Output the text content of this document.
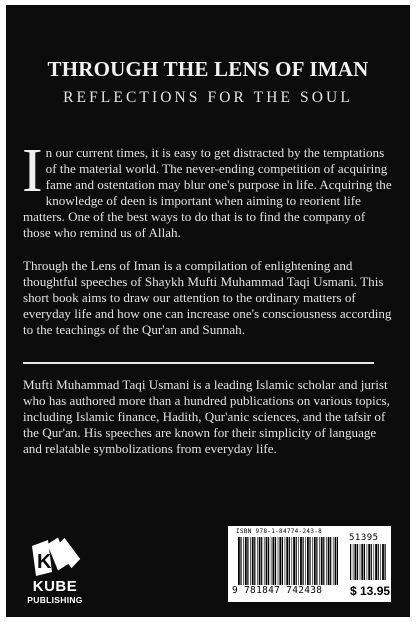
THROUGH THE LENS OF IMAN
REFLECTIONS FOR THE SOUL

In our current times, it is easy to get distracted by the temptations of the material world. The never-ending competition of acquiring fame and ostentation may blur one's purpose in life. Acquiring the knowledge of deen is important when aiming to reorient life matters. One of the best ways to do that is to find the company of those who remind us of Allah.

Through the Lens of Iman is a compilation of enlightening and thoughtful speeches of Shaykh Mufti Muhammad Taqi Usmani. This short book aims to draw our attention to the ordinary matters of everyday life and how one can increase one's consciousness according to the teachings of the Qur'an and Sunnah.

Mufti Muhammad Taqi Usmani is a leading Islamic scholar and jurist who has authored more than a hundred publications on various topics, including Islamic finance, Hadith, Qur'anic sciences, and the tafsir of the Qur'an. His speeches are known for their simplicity of language and relatable symbolizations from everyday life.

K
KUBE
PUBLISHING
ISBN 978-1-84774-243-8
51395
9 781847 742438 $ 13.95
